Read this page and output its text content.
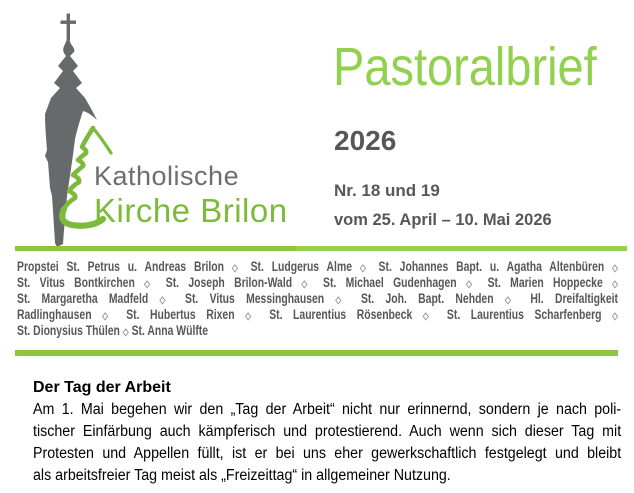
Katholische
Kirche Brilon
Pastoralbrief
2026
Nr. 18 und 19
vom 25. April – 10. Mai 2026
Propstei St. Petrus u. Andreas Brilon ◇ St. Ludgerus Alme ◇ St. Johannes Bapt. u. Agatha Altenbüren ◇
St. Vitus Bontkirchen ◇ St. Joseph Brilon-Wald ◇ St. Michael Gudenhagen ◇ St. Marien Hoppecke ◇
St. Margaretha Madfeld ◇ St. Vitus Messinghausen ◇ St. Joh. Bapt. Nehden ◇ Hl. Dreifaltigkeit
Radlinghausen ◇ St. Hubertus Rixen ◇ St. Laurentius Rösenbeck ◇ St. Laurentius Scharfenberg ◇
St. Dionysius Thülen ◇ St. Anna Wülfte
Der Tag der Arbeit
Am 1. Mai begehen wir den „Tag der Arbeit“ nicht nur erinnernd, sondern je nach poli-
tischer Einfärbung auch kämpferisch und protestierend. Auch wenn sich dieser Tag mit
Protesten und Appellen füllt, ist er bei uns eher gewerkschaftlich festgelegt und bleibt
als arbeitsfreier Tag meist als „Freizeittag“ in allgemeiner Nutzung.
